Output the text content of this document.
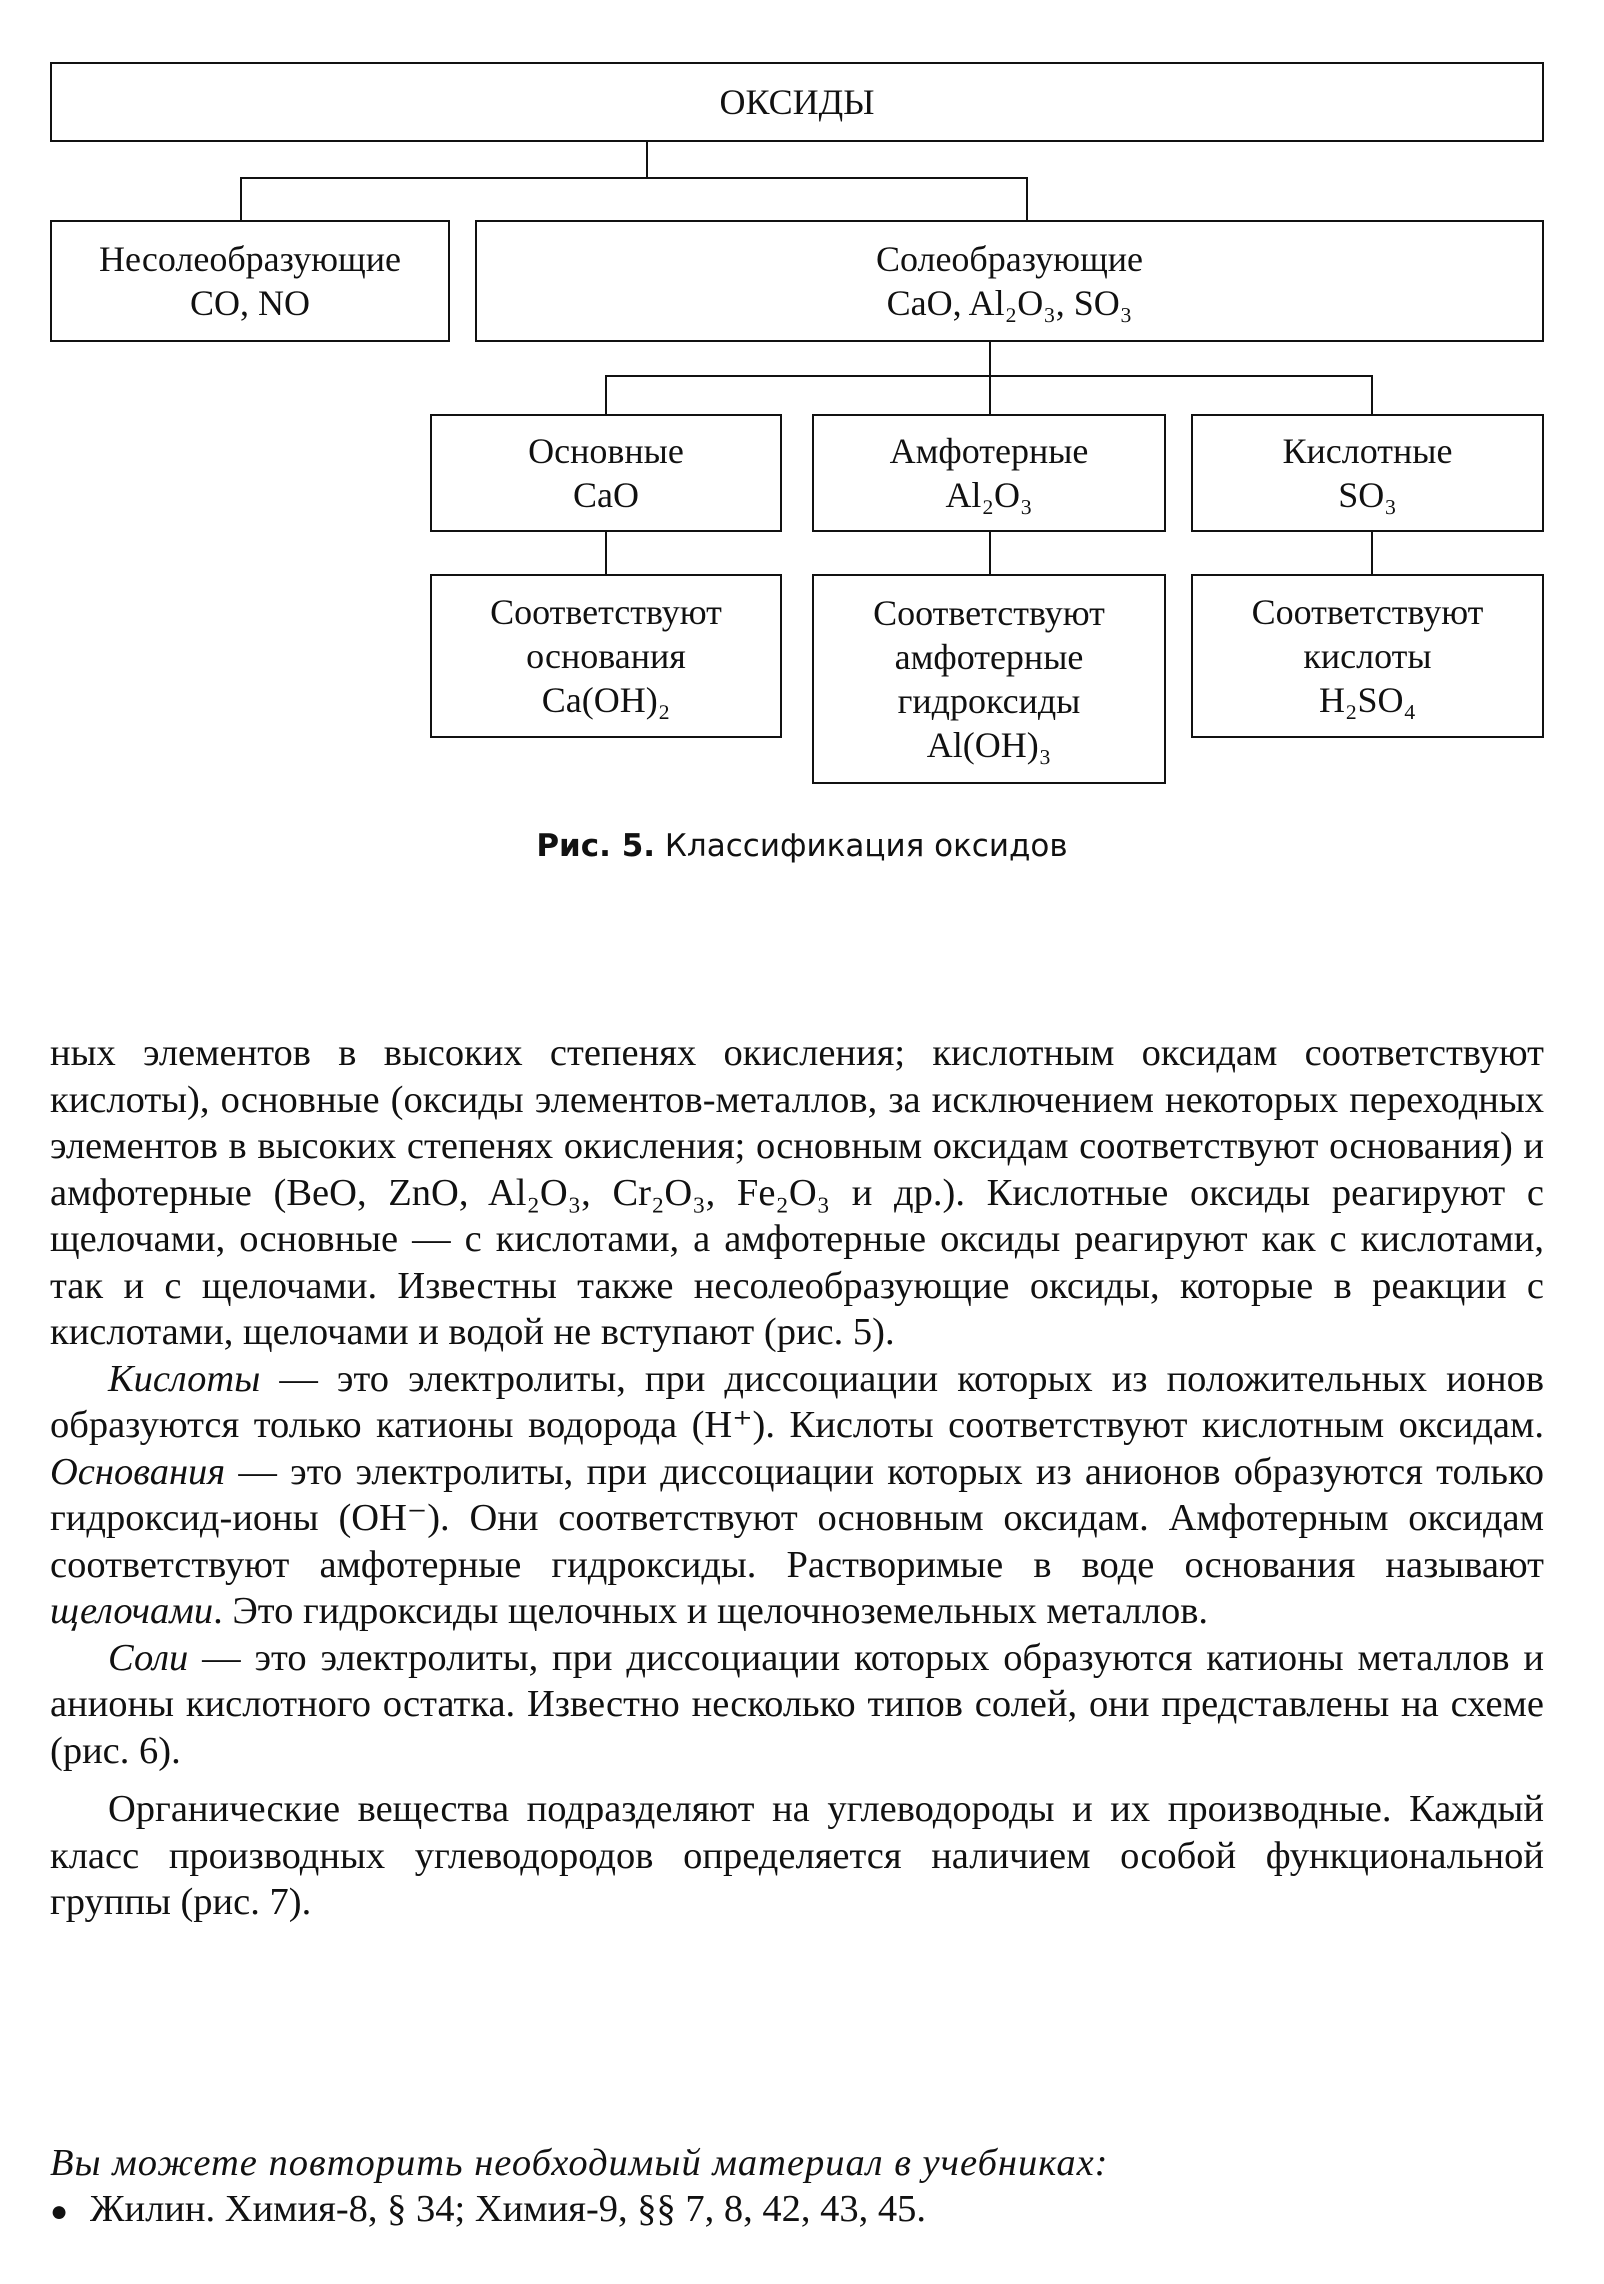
ОКСИДЫ
Несолеобразующие
CO, NO
Солеобразующие
CaO, Al₂O₃, SO₃
Основные
CaO
Амфотерные
Al₂O₃
Кислотные
SO₃
Соответствуют
основания
Ca(OH)₂
Соответствуют
амфотерные
гидроксиды
Al(OH)₃
Соответствуют
кислоты
H₂SO₄
Рис. 5. Классификация оксидов

ных элементов в высоких степенях окисления; кислотным оксидам соответствуют кислоты), основные (оксиды элементов-металлов, за исключением некоторых переходных элементов в высоких степенях окисления; основным оксидам соответствуют основания) и амфотерные (BeO, ZnO, Al₂O₃, Cr₂O₃, Fe₂O₃ и др.). Кислотные оксиды реагируют с щелочами, основные — с кислотами, а амфотерные оксиды реагируют как с кислотами, так и с щелочами. Известны также несолеобразующие оксиды, которые в реакции с кислотами, щелочами и водой не вступают (рис. 5).

Кислоты — это электролиты, при диссоциации которых из положительных ионов образуются только катионы водорода (H⁺). Кислоты соответствуют кислотным оксидам. Основания — это электролиты, при диссоциации которых из анионов образуются только гидроксид-ионы (OH⁻). Они соответствуют основным оксидам. Амфотерным оксидам соответствуют амфотерные гидроксиды. Растворимые в воде основания называют щелочами. Это гидроксиды щелочных и щелочноземельных металлов.

Соли — это электролиты, при диссоциации которых образуются катионы металлов и анионы кислотного остатка. Известно несколько типов солей, они представлены на схеме (рис. 6).

Органические вещества подразделяют на углеводороды и их производные. Каждый класс производных углеводородов определяется наличием особой функциональной группы (рис. 7).

Вы можете повторить необходимый материал в учебниках:
● Жилин. Химия-8, § 34; Химия-9, §§ 7, 8, 42, 43, 45.
